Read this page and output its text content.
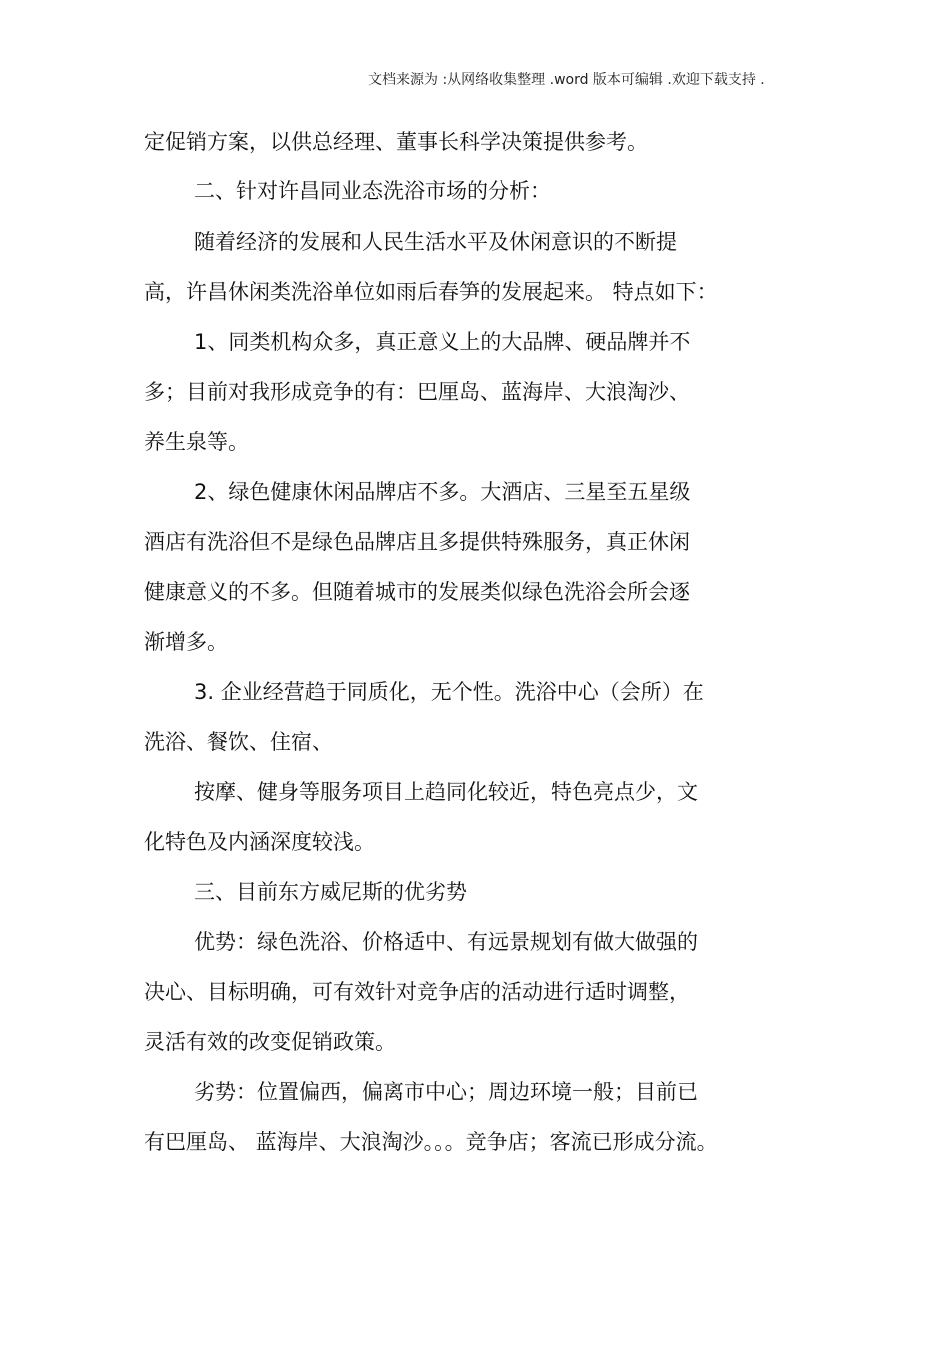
文档来源为 :从网络收集整理 .word 版本可编辑 .欢迎下载支持 .
定促销方案，以供总经理、董事长科学决策提供参考。
二、针对许昌同业态洗浴市场的分析：
随着经济的发展和人民生活水平及休闲意识的不断提
高，许昌休闲类洗浴单位如雨后春笋的发展起来。 特点如下：
1、同类机构众多，真正意义上的大品牌、硬品牌并不
多；目前对我形成竞争的有：巴厘岛、蓝海岸、大浪淘沙、
养生泉等。
2、绿色健康休闲品牌店不多。大酒店、三星至五星级
酒店有洗浴但不是绿色品牌店且多提供特殊服务，真正休闲
健康意义的不多。但随着城市的发展类似绿色洗浴会所会逐
渐增多。
3. 企业经营趋于同质化，无个性。洗浴中心（会所）在
洗浴、餐饮、住宿、
按摩、健身等服务项目上趋同化较近，特色亮点少，文
化特色及内涵深度较浅。
三、目前东方威尼斯的优劣势
优势：绿色洗浴、价格适中、有远景规划有做大做强的
决心、目标明确，可有效针对竞争店的活动进行适时调整，
灵活有效的改变促销政策。
劣势：位置偏西，偏离市中心；周边环境一般；目前已
有巴厘岛、 蓝海岸、大浪淘沙。。。竞争店；客流已形成分流。
